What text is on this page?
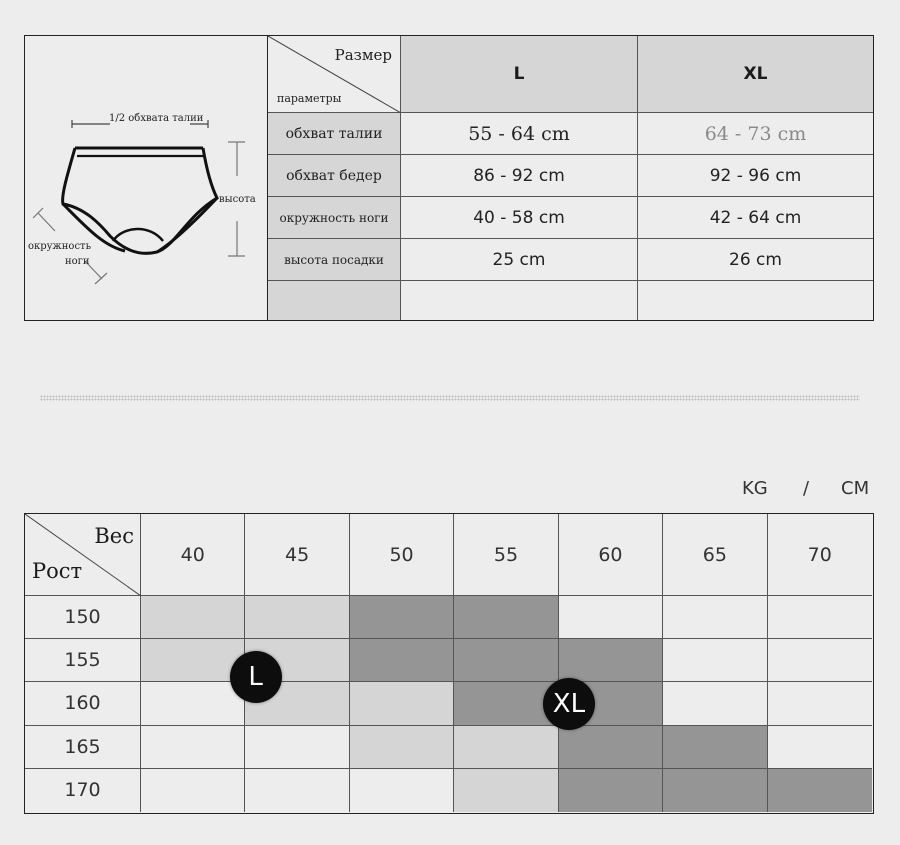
1/2 обхвата талии
высота
окружность
ноги
Размер
параметры
L	XL
обхват талии	55 - 64 cm	64 - 73 cm
обхват бедер	86 - 92 cm	92 - 96 cm
окружность ноги	40 - 58 cm	42 - 64 cm
высота посадки	25 cm	26 cm
KG / CM
Вес
Рост
40	45	50	55	60	65	70
150
155
160
165
170
L
XL
